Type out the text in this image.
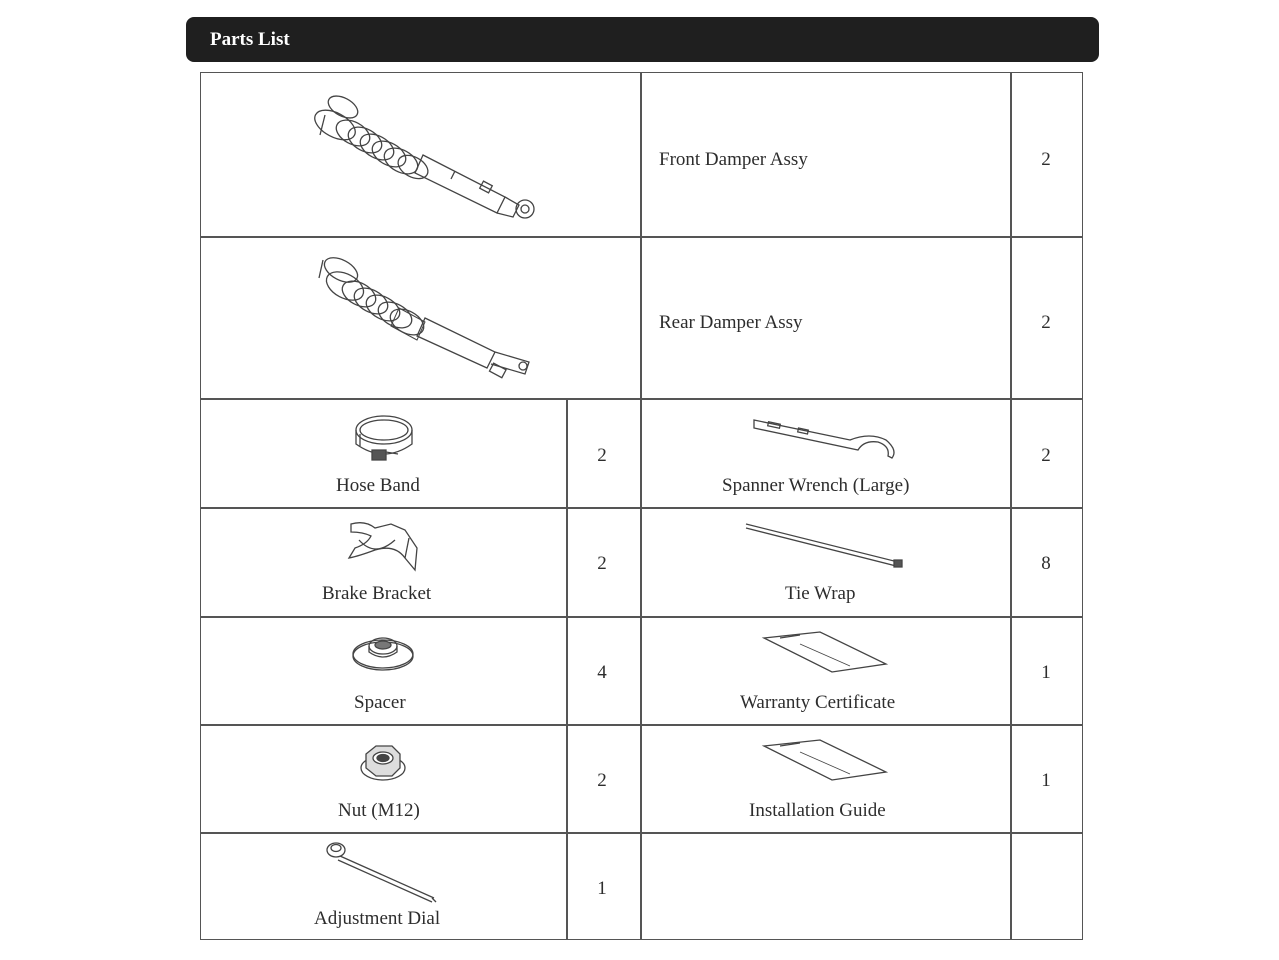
Parts List
Front Damper Assy	2
Rear Damper Assy	2
Hose Band
2
Spanner Wrench (Large)
2
Brake Bracket
2
Tie Wrap
8
Spacer
4
Warranty Certificate
1
Nut (M12)
2
Installation Guide
1
Adjustment Dial
1
